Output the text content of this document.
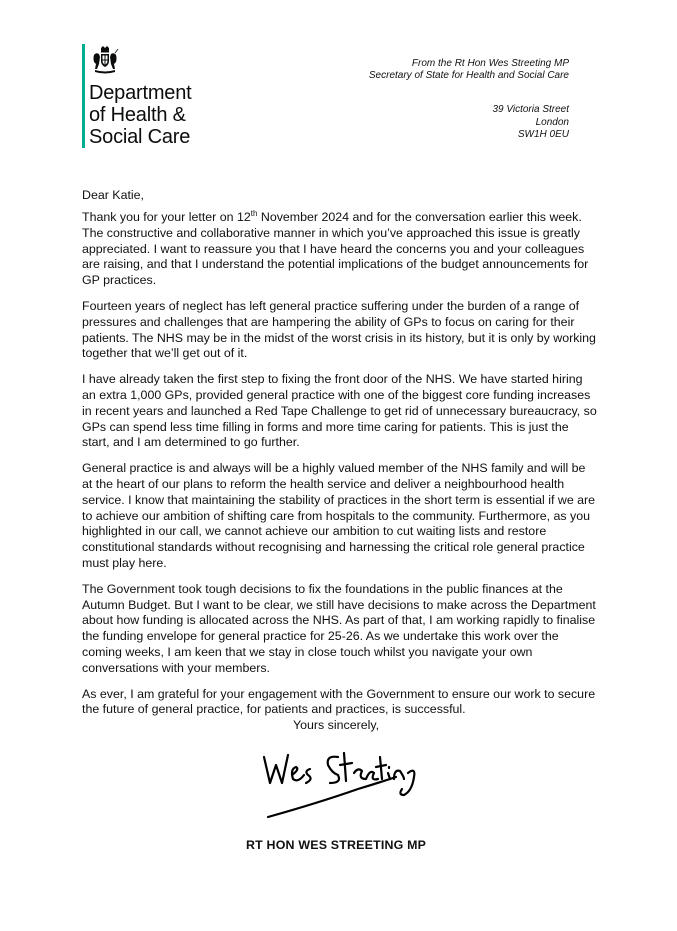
Department
of Health &
Social Care
From the Rt Hon Wes Streeting MP
Secretary of State for Health and Social Care
39 Victoria Street
London
SW1H 0EU
Dear Katie,

Thank you for your letter on 12th November 2024 and for the conversation earlier this week. The constructive and collaborative manner in which you’ve approached this issue is greatly appreciated. I want to reassure you that I have heard the concerns you and your colleagues are raising, and that I understand the potential implications of the budget announcements for GP practices.

Fourteen years of neglect has left general practice suffering under the burden of a range of pressures and challenges that are hampering the ability of GPs to focus on caring for their patients. The NHS may be in the midst of the worst crisis in its history, but it is only by working together that we’ll get out of it.

I have already taken the first step to fixing the front door of the NHS. We have started hiring an extra 1,000 GPs, provided general practice with one of the biggest core funding increases in recent years and launched a Red Tape Challenge to get rid of unnecessary bureaucracy, so GPs can spend less time filling in forms and more time caring for patients. This is just the start, and I am determined to go further.

General practice is and always will be a highly valued member of the NHS family and will be at the heart of our plans to reform the health service and deliver a neighbourhood health service. I know that maintaining the stability of practices in the short term is essential if we are to achieve our ambition of shifting care from hospitals to the community. Furthermore, as you highlighted in our call, we cannot achieve our ambition to cut waiting lists and restore constitutional standards without recognising and harnessing the critical role general practice must play here.

The Government took tough decisions to fix the foundations in the public finances at the Autumn Budget. But I want to be clear, we still have decisions to make across the Department about how funding is allocated across the NHS. As part of that, I am working rapidly to finalise the funding envelope for general practice for 25-26. As we undertake this work over the coming weeks, I am keen that we stay in close touch whilst you navigate your own conversations with your members.

As ever, I am grateful for your engagement with the Government to ensure our work to secure the future of general practice, for patients and practices, is successful.

Yours sincerely,
RT HON WES STREETING MP
